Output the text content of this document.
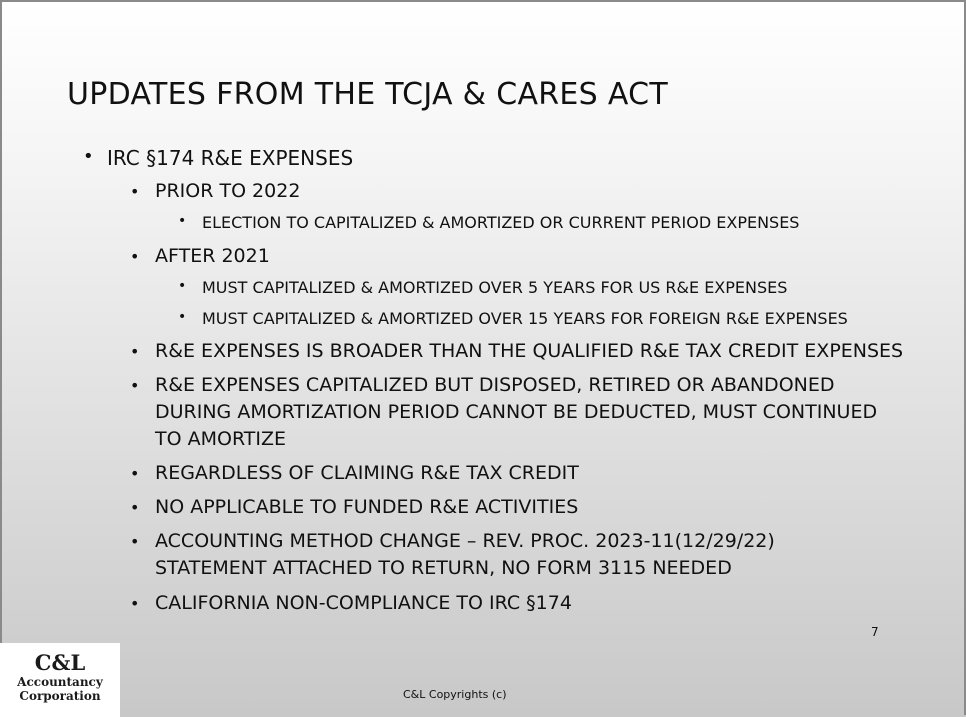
UPDATES FROM THE TCJA & CARES ACT
• IRC §174 R&E EXPENSES
• PRIOR TO 2022
• ELECTION TO CAPITALIZED & AMORTIZED OR CURRENT PERIOD EXPENSES
• AFTER 2021
• MUST CAPITALIZED & AMORTIZED OVER 5 YEARS FOR US R&E EXPENSES
• MUST CAPITALIZED & AMORTIZED OVER 15 YEARS FOR FOREIGN R&E EXPENSES
• R&E EXPENSES IS BROADER THAN THE QUALIFIED R&E TAX CREDIT EXPENSES
• R&E EXPENSES CAPITALIZED BUT DISPOSED, RETIRED OR ABANDONED
DURING AMORTIZATION PERIOD CANNOT BE DEDUCTED, MUST CONTINUED
TO AMORTIZE
• REGARDLESS OF CLAIMING R&E TAX CREDIT
• NO APPLICABLE TO FUNDED R&E ACTIVITIES
• ACCOUNTING METHOD CHANGE – REV. PROC. 2023-11(12/29/22)
STATEMENT ATTACHED TO RETURN, NO FORM 3115 NEEDED
• CALIFORNIA NON-COMPLIANCE TO IRC §174
7
C&L Copyrights (c)
C&L
Accountancy
Corporation
